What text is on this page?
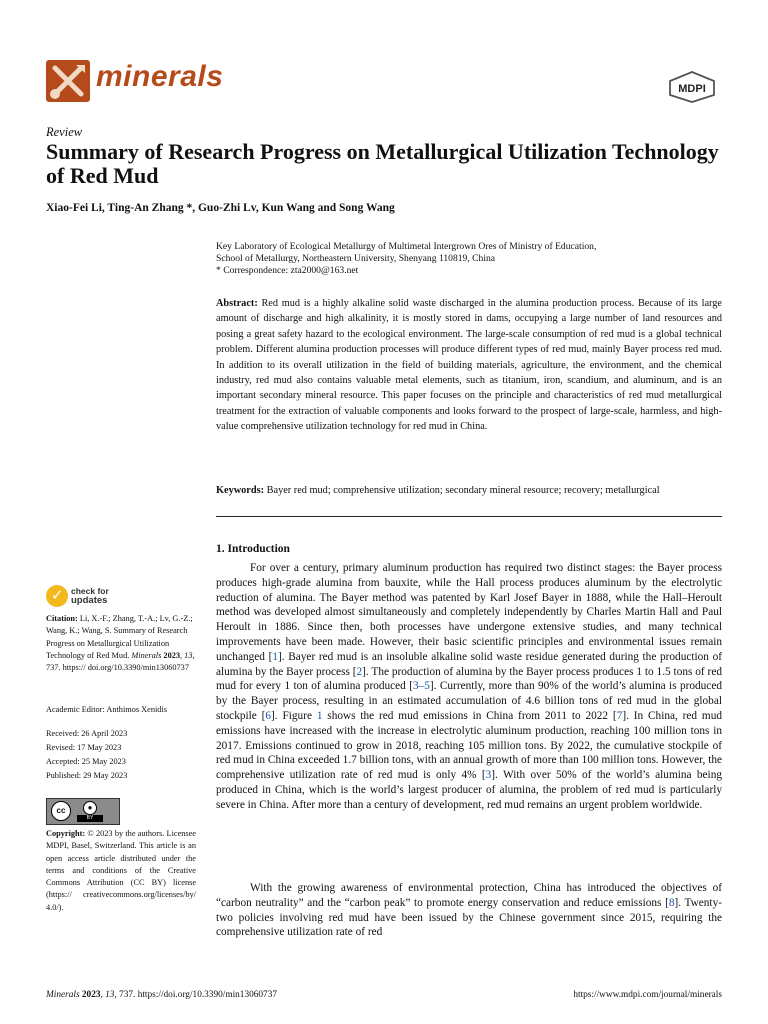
minerals	MDPI
Review
Summary of Research Progress on Metallurgical Utilization Technology of Red Mud
Xiao-Fei Li, Ting-An Zhang *, Guo-Zhi Lv, Kun Wang and Song Wang
Key Laboratory of Ecological Metallurgy of Multimetal Intergrown Ores of Ministry of Education,
School of Metallurgy, Northeastern University, Shenyang 110819, China
* Correspondence: zta2000@163.net
Abstract: Red mud is a highly alkaline solid waste discharged in the alumina production process. Because of its large amount of discharge and high alkalinity, it is mostly stored in dams, occupying a large number of land resources and posing a great safety hazard to the ecological environment. The large-scale consumption of red mud is a global technical problem. Different alumina production processes will produce different types of red mud, mainly Bayer process red mud. In addition to its overall utilization in the field of building materials, agriculture, the environment, and the chemical industry, red mud also contains valuable metal elements, such as titanium, iron, scandium, and aluminum, and is an important secondary mineral resource. This paper focuses on the principle and characteristics of red mud metallurgical treatment for the extraction of valuable components and looks forward to the prospect of large-scale, harmless, and high-value comprehensive utilization technology for red mud in China.
Keywords: Bayer red mud; comprehensive utilization; secondary mineral resource; recovery; metallurgical
1. Introduction

For over a century, primary aluminum production has required two distinct stages: the Bayer process produces high-grade alumina from bauxite, while the Hall process produces aluminum by the electrolytic reduction of alumina. The Bayer method was patented by Karl Josef Bayer in 1888, while the Hall–Heroult method was developed almost simultaneously and completely independently by Charles Martin Hall and Paul Heroult in 1886. Since then, both processes have undergone extensive studies, and many technical improvements have been made. However, their basic scientific principles and environmental issues remain unchanged [1]. Bayer red mud is an insoluble alkaline solid waste residue generated during the production of alumina by the Bayer process [2]. The production of alumina by the Bayer process produces 1 to 1.5 tons of red mud for every 1 ton of alumina produced [3–5]. Currently, more than 90% of the world’s alumina is produced by the Bayer process, resulting in an estimated accumulation of 4.6 billion tons of red mud in the global stockpile [6]. Figure 1 shows the red mud emissions in China from 2011 to 2022 [7]. In China, red mud emissions have increased with the increase in electrolytic aluminum production, reaching 100 million tons in 2017. Emissions continued to grow in 2018, reaching 105 million tons. By 2022, the cumulative stockpile of red mud in China exceeded 1.7 billion tons, with an annual growth of more than 100 million tons. However, the comprehensive utilization rate of red mud is only 4% [3]. With over 50% of the world’s alumina being produced in China, which is the world’s largest producer of alumina, the problem of red mud is particularly severe in China. After more than a century of development, red mud remains an urgent problem worldwide.

With the growing awareness of environmental protection, China has introduced the objectives of “carbon neutrality” and the “carbon peak” to promote energy conservation and reduce emissions [8]. Twenty-two policies involving red mud have been issued by the Chinese government since 2015, requiring the comprehensive utilization rate of red

✓ check for
updates
Citation: Li, X.-F.; Zhang, T.-A.; Lv, G.-Z.; Wang, K.; Wang, S. Summary of Research Progress on Metallurgical Utilization Technology of Red Mud. Minerals 2023, 13, 737. https:// doi.org/10.3390/min13060737
Academic Editor: Anthimos Xenidis
Received: 26 April 2023
Revised: 17 May 2023
Accepted: 25 May 2023
Published: 29 May 2023
cc	●
BY
Copyright: © 2023 by the authors. Licensee MDPI, Basel, Switzerland. This article is an open access article distributed under the terms and conditions of the Creative Commons Attribution (CC BY) license (https:// creativecommons.org/licenses/by/ 4.0/).
Minerals 2023, 13, 737. https://doi.org/10.3390/min13060737	https://www.mdpi.com/journal/minerals
